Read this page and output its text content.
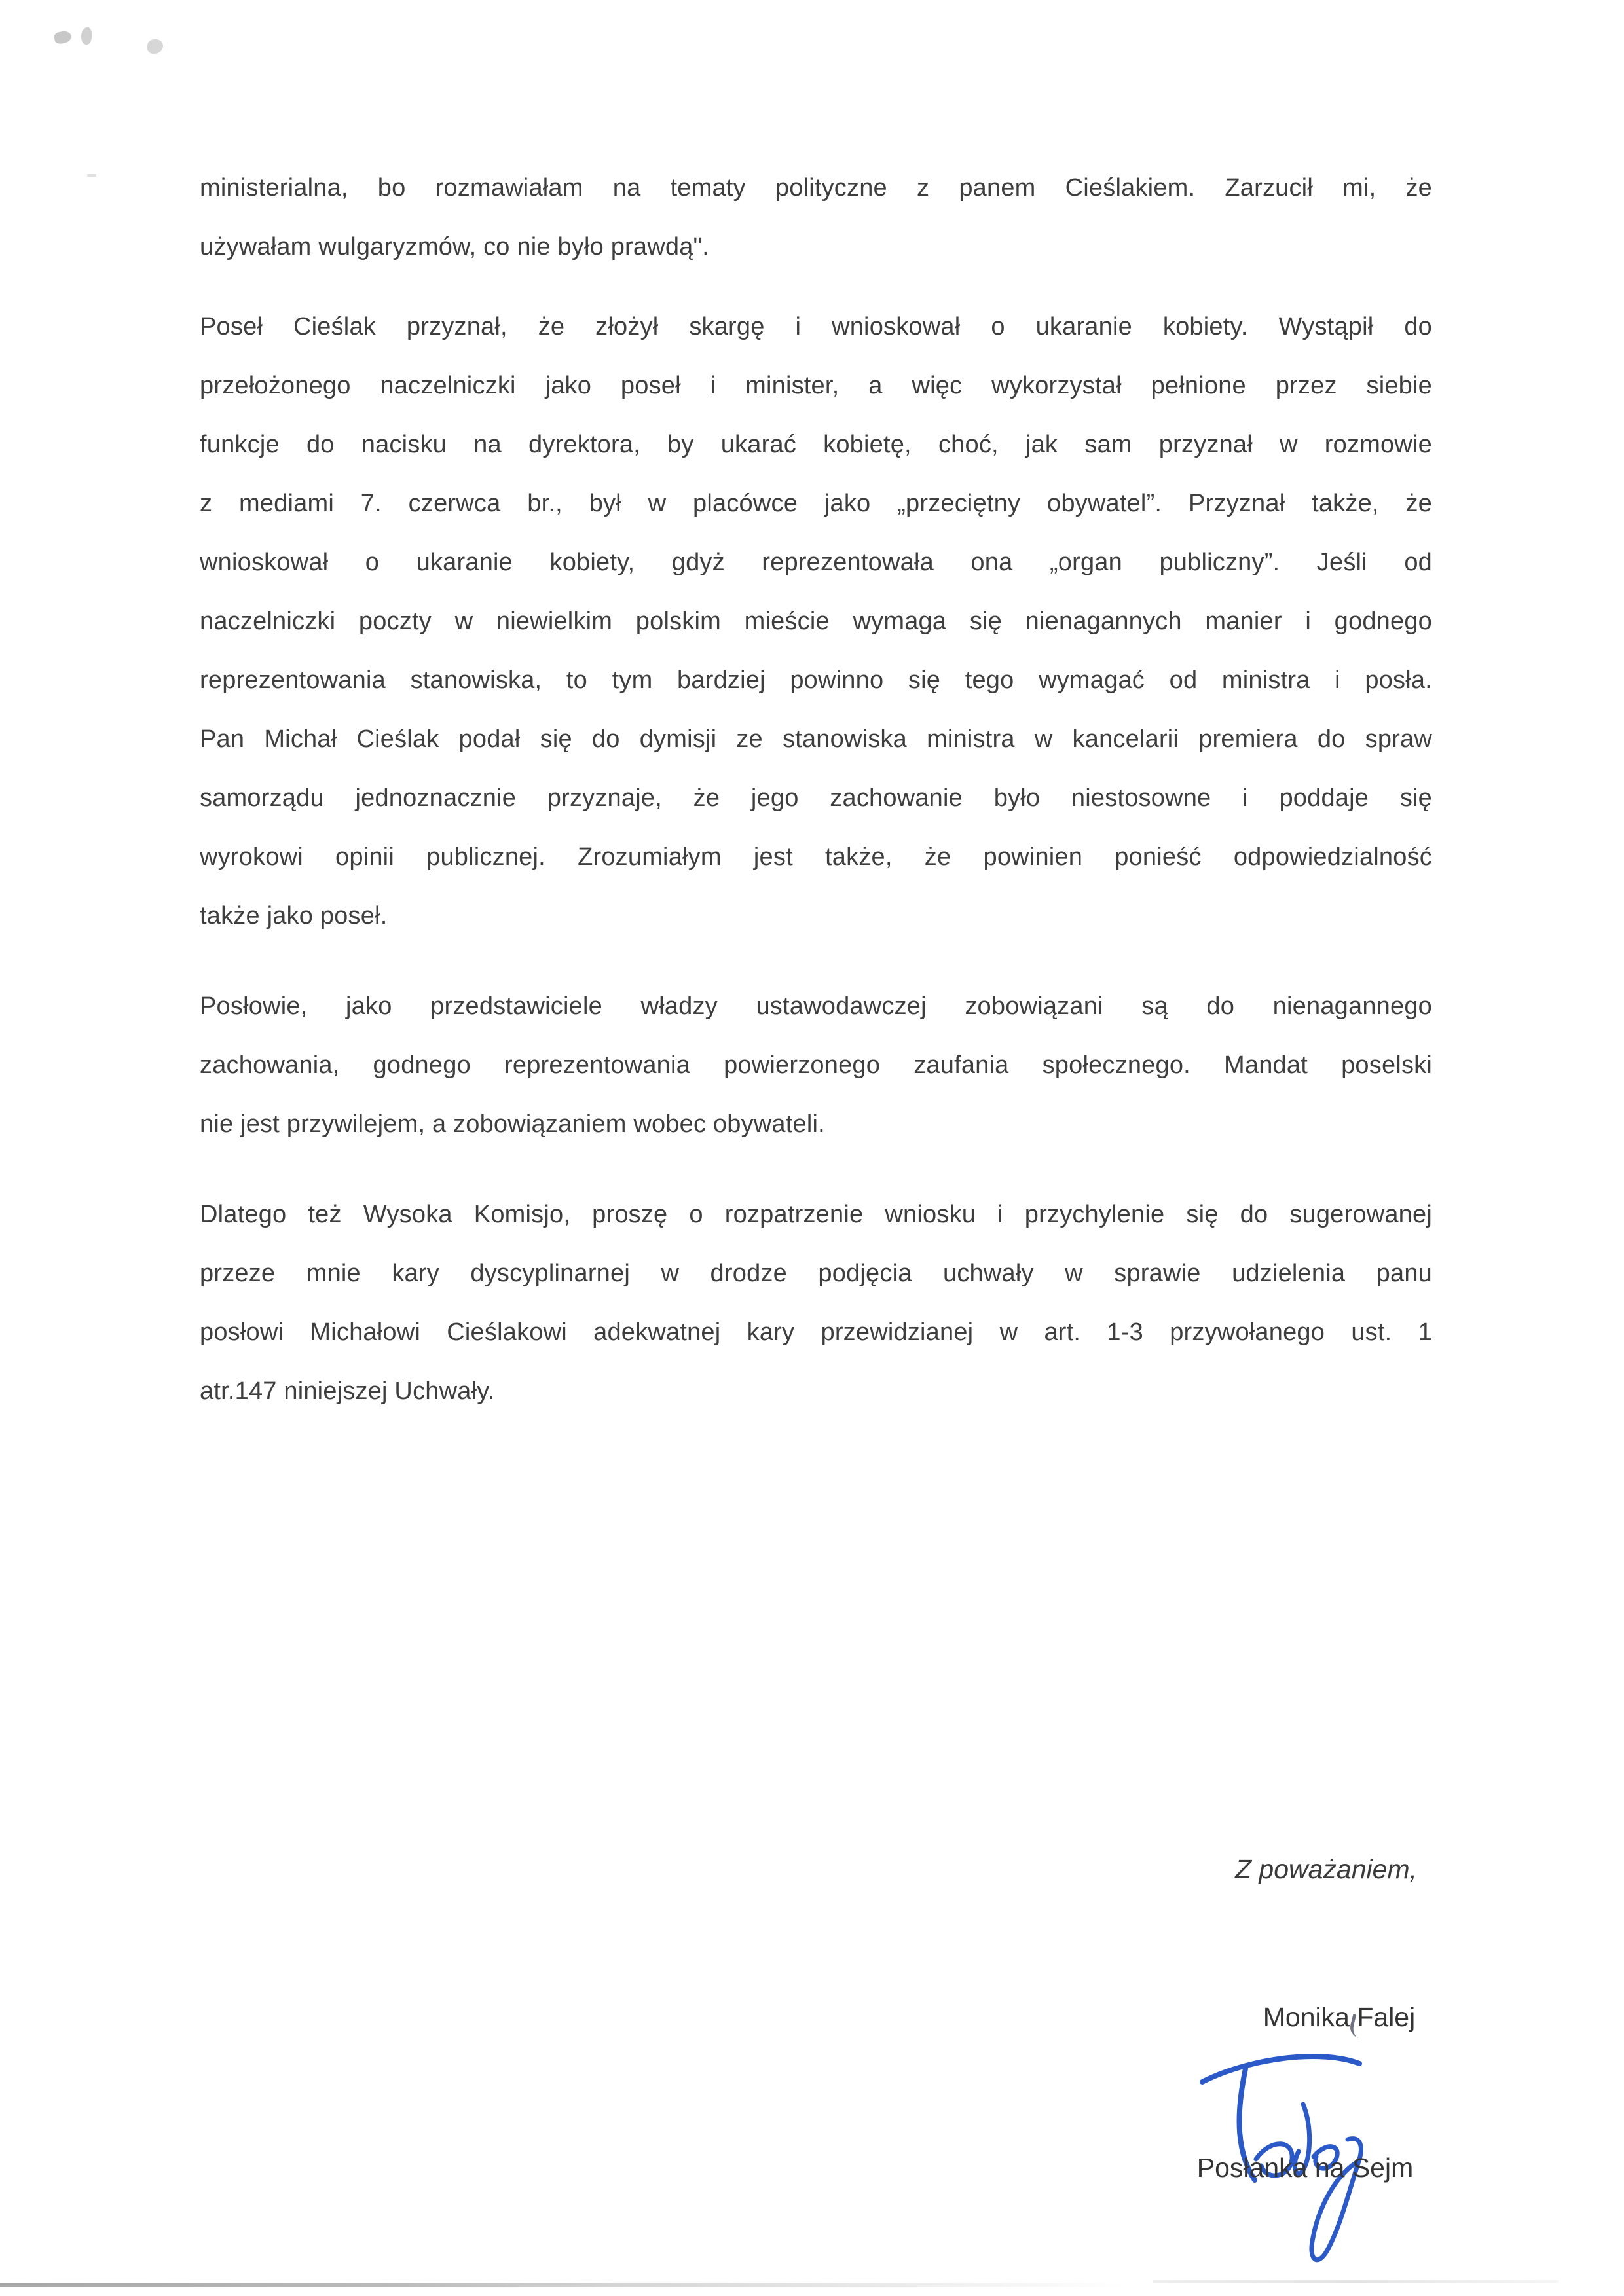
ministerialna, bo rozmawiałam na tematy polityczne z panem Cieślakiem. Zarzucił mi, że
używałam wulgaryzmów, co nie było prawdą".
Poseł Cieślak przyznał, że złożył skargę i wnioskował o ukaranie kobiety. Wystąpił do
przełożonego naczelniczki jako poseł i minister, a więc wykorzystał pełnione przez siebie
funkcje do nacisku na dyrektora, by ukarać kobietę, choć, jak sam przyznał w rozmowie
z mediami 7. czerwca br., był w placówce jako „przeciętny obywatel”. Przyznał także, że
wnioskował o ukaranie kobiety, gdyż reprezentowała ona „organ publiczny”. Jeśli od
naczelniczki poczty w niewielkim polskim mieście wymaga się nienagannych manier i godnego
reprezentowania stanowiska, to tym bardziej powinno się tego wymagać od ministra i posła.
Pan Michał Cieślak podał się do dymisji ze stanowiska ministra w kancelarii premiera do spraw
samorządu jednoznacznie przyznaje, że jego zachowanie było niestosowne i poddaje się
wyrokowi opinii publicznej. Zrozumiałym jest także, że powinien ponieść odpowiedzialność
także jako poseł.
Posłowie, jako przedstawiciele władzy ustawodawczej zobowiązani są do nienagannego
zachowania, godnego reprezentowania powierzonego zaufania społecznego. Mandat poselski
nie jest przywilejem, a zobowiązaniem wobec obywateli.
Dlatego też Wysoka Komisjo, proszę o rozpatrzenie wniosku i przychylenie się do sugerowanej
przeze mnie kary dyscyplinarnej w drodze podjęcia uchwały w sprawie udzielenia panu
posłowi Michałowi Cieślakowi adekwatnej kary przewidzianej w art. 1-3 przywołanego ust. 1
atr.147 niniejszej Uchwały.
Z poważaniem,
Monika Falej
Posłanka na Sejm
